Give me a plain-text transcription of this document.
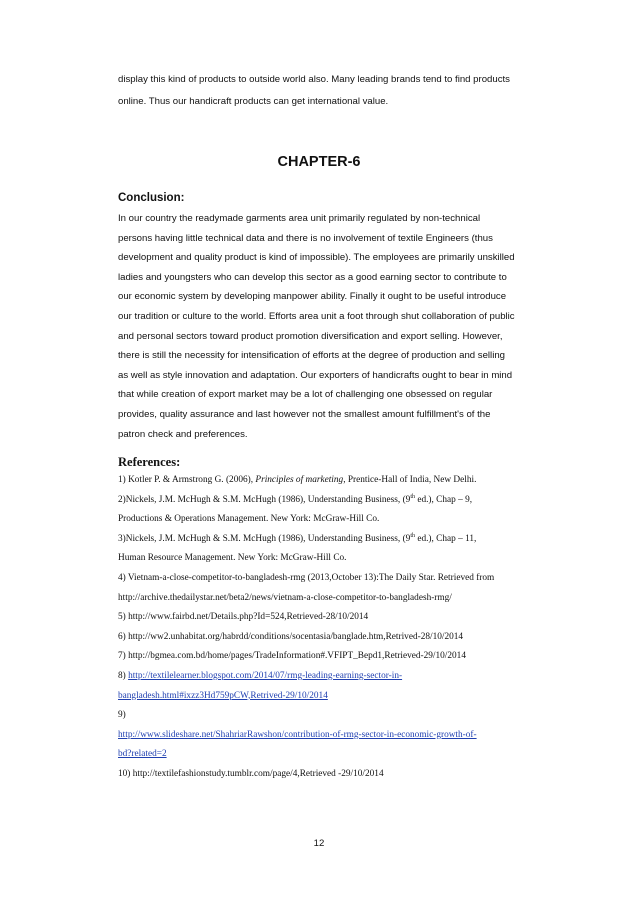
display this kind of products to outside world also. Many leading brands tend to find products

online. Thus our handicraft products can get international value.

CHAPTER-6
Conclusion:
In our country the readymade garments area unit primarily regulated by non-technical
persons having little technical data and there is no involvement of textile Engineers (thus
development and quality product is kind of impossible). The employees are primarily unskilled
ladies and youngsters who can develop this sector as a good earning sector to contribute to
our economic system by developing manpower ability. Finally it ought to be useful introduce
our tradition or culture to the world. Efforts area unit a foot through shut collaboration of public
and personal sectors toward product promotion diversification and export selling. However,
there is still the necessity for intensification of efforts at the degree of production and selling
as well as style innovation and adaptation. Our exporters of handicrafts ought to bear in mind
that while creation of export market may be a lot of challenging one obsessed on regular
provides, quality assurance and last however not the smallest amount fulfillment's of the
patron check and preferences.
References:
1) Kotler P. & Armstrong G. (2006), Principles of marketing, Prentice-Hall of India, New Delhi.
2)Nickels, J.M. McHugh & S.M. McHugh (1986), Understanding Business, (9th ed.), Chap – 9,
Productions & Operations Management. New York: McGraw-Hill Co.
3)Nickels, J.M. McHugh & S.M. McHugh (1986), Understanding Business, (9th ed.), Chap – 11,
Human Resource Management. New York: McGraw-Hill Co.
4) Vietnam-a-close-competitor-to-bangladesh-rmg (2013,October 13):The Daily Star. Retrieved from
http://archive.thedailystar.net/beta2/news/vietnam-a-close-competitor-to-bangladesh-rmg/
5) http://www.fairbd.net/Details.php?Id=524,Retrieved-28/10/2014
6) http://ww2.unhabitat.org/habrdd/conditions/socentasia/banglade.htm,Retrived-28/10/2014
7) http://bgmea.com.bd/home/pages/TradeInformation#.VFIPT_Bepd1,Retrieved-29/10/2014
8) http://textilelearner.blogspot.com/2014/07/rmg-leading-earning-sector-in-
bangladesh.html#ixzz3Hd759pCW,Retrived-29/10/2014
9)
http://www.slideshare.net/ShahriarRawshon/contribution-of-rmg-sector-in-economic-growth-of-
bd?related=2
10) http://textilefashionstudy.tumblr.com/page/4,Retrieved -29/10/2014
12
